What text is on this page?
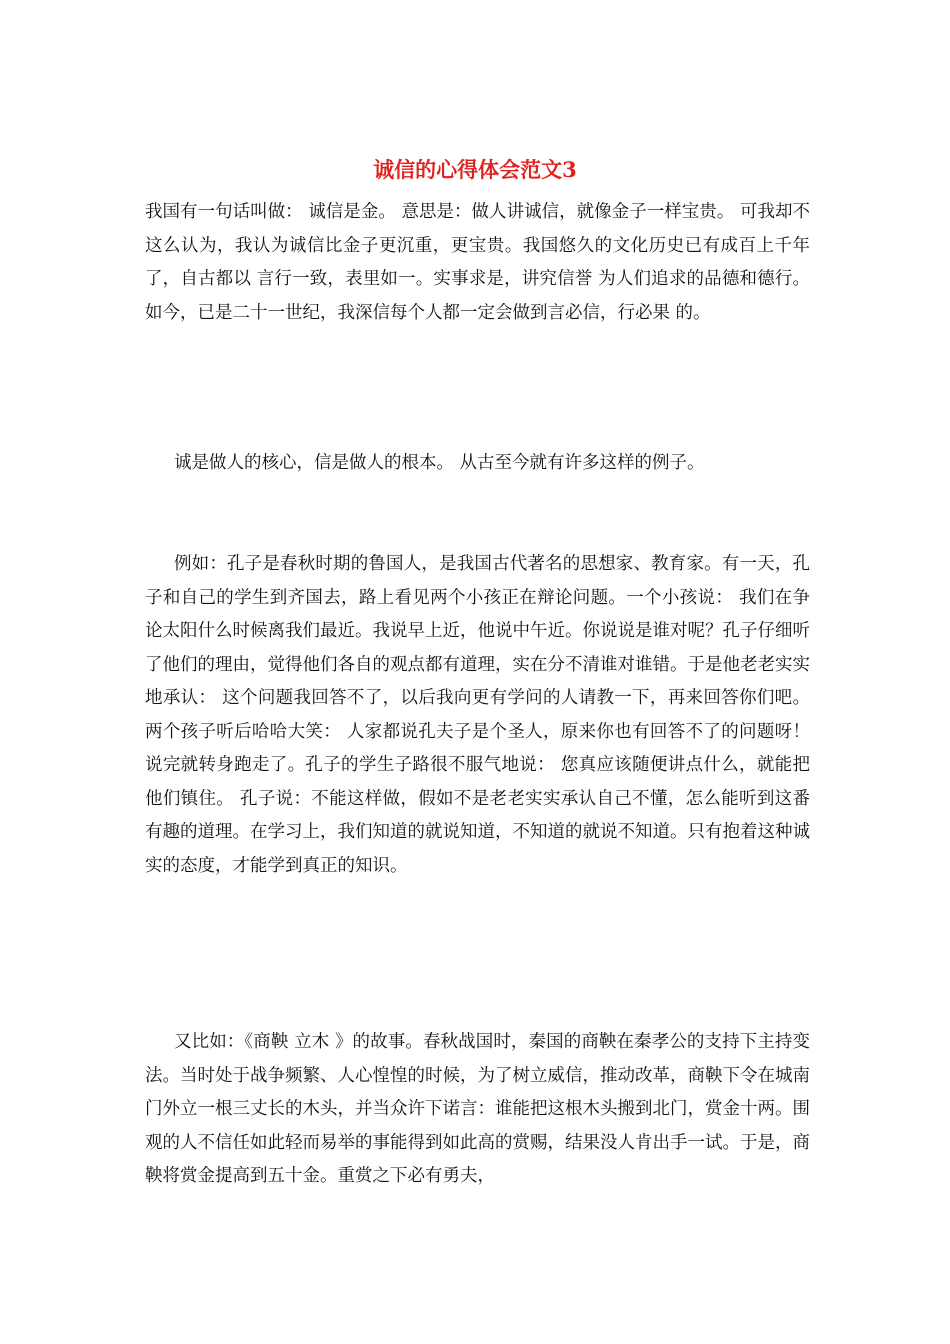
诚信的心得体会范文3

我国有一句话叫做： 诚信是金。 意思是：做人讲诚信，就像金子一样宝贵。 可我却不这么认为，我认为诚信比金子更沉重，更宝贵。我国悠久的文化历史已有成百上千年了，自古都以 言行一致，表里如一。实事求是，讲究信誉 为人们追求的品德和德行。如今，已是二十一世纪，我深信每个人都一定会做到言必信，行必果 的。

诚是做人的核心，信是做人的根本。 从古至今就有许多这样的例子。

例如：孔子是春秋时期的鲁国人，是我国古代著名的思想家、教育家。有一天，孔子和自己的学生到齐国去，路上看见两个小孩正在辩论问题。一个小孩说： 我们在争论太阳什么时候离我们最近。我说早上近，他说中午近。你说说是谁对呢？孔子仔细听了他们的理由，觉得他们各自的观点都有道理，实在分不清谁对谁错。于是他老老实实地承认： 这个问题我回答不了，以后我向更有学问的人请教一下，再来回答你们吧。 两个孩子听后哈哈大笑： 人家都说孔夫子是个圣人，原来你也有回答不了的问题呀！说完就转身跑走了。孔子的学生子路很不服气地说： 您真应该随便讲点什么，就能把他们镇住。 孔子说：不能这样做，假如不是老老实实承认自己不懂，怎么能听到这番有趣的道理。在学习上，我们知道的就说知道，不知道的就说不知道。只有抱着这种诚实的态度，才能学到真正的知识。

又比如：《商鞅 立木 》的故事。春秋战国时，秦国的商鞅在秦孝公的支持下主持变法。当时处于战争频繁、人心惶惶的时候，为了树立威信，推动改革，商鞅下令在城南门外立一根三丈长的木头，并当众许下诺言：谁能把这根木头搬到北门，赏金十两。围观的人不信任如此轻而易举的事能得到如此高的赏赐，结果没人肯出手一试。于是，商鞅将赏金提高到五十金。重赏之下必有勇夫，
